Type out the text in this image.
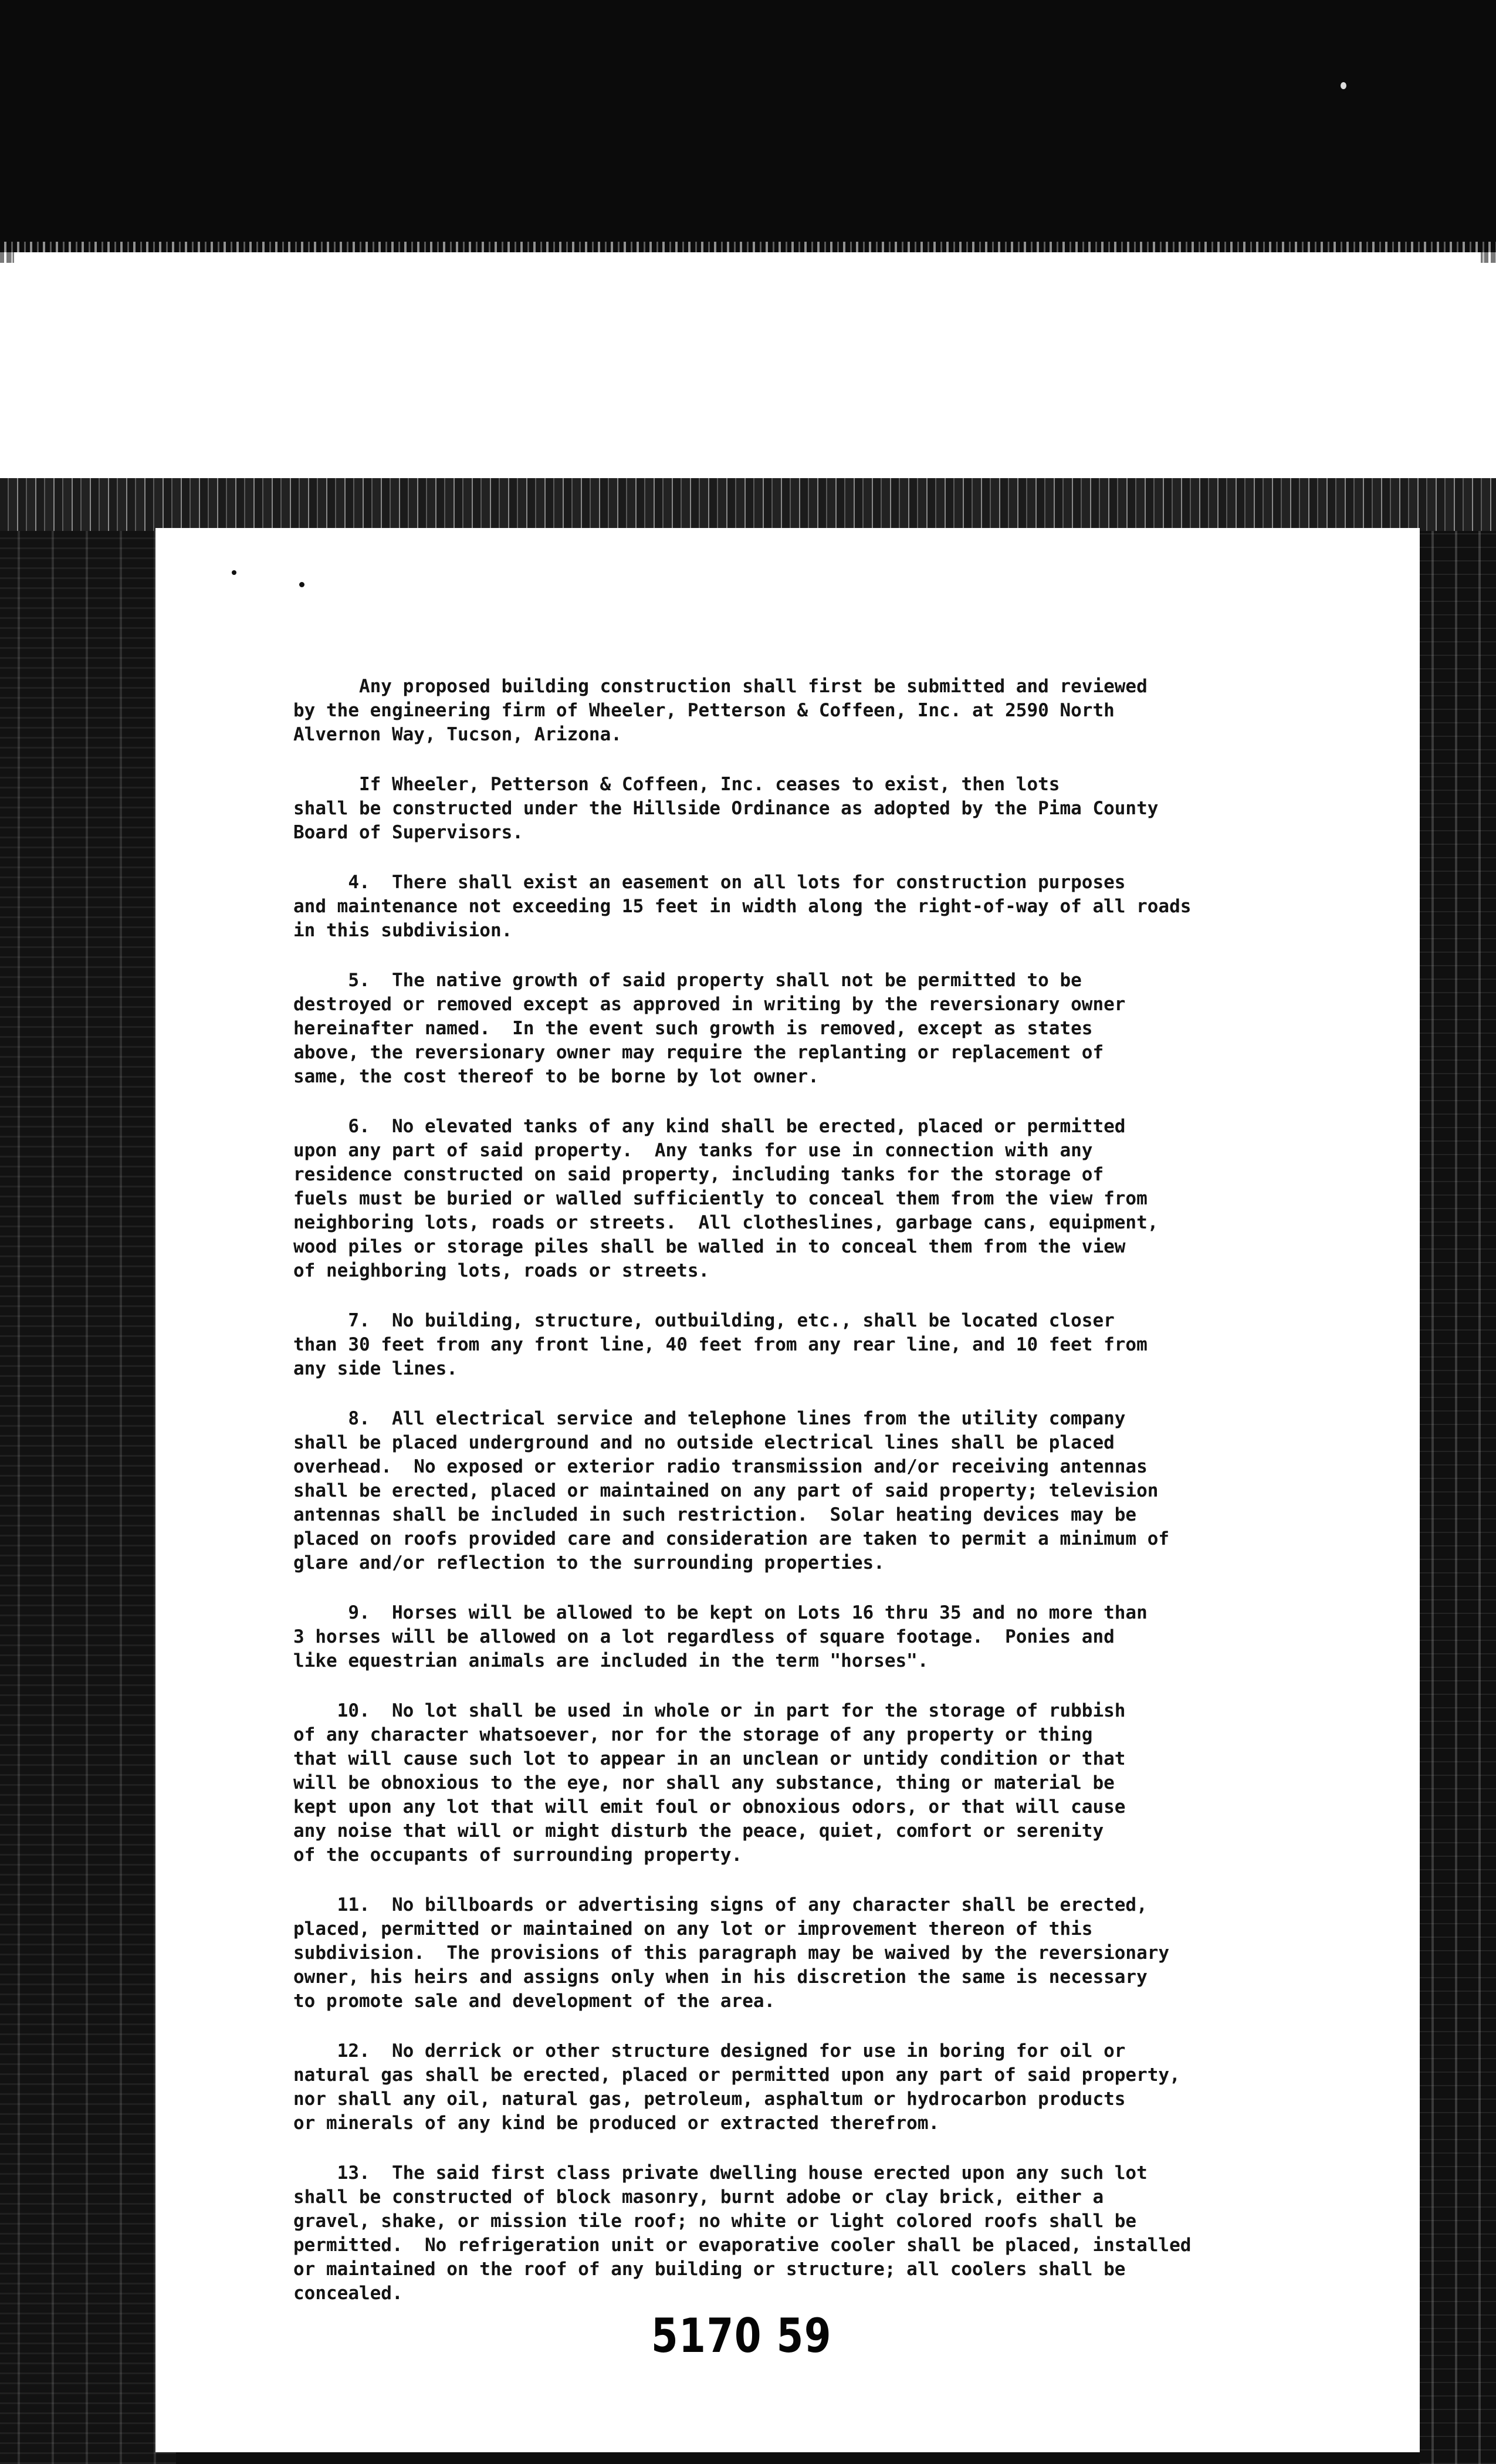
Any proposed building construction shall first be submitted and reviewed
by the engineering firm of Wheeler, Petterson & Coffeen, Inc. at 2590 North
Alvernon Way, Tucson, Arizona.
If Wheeler, Petterson & Coffeen, Inc. ceases to exist, then lots
shall be constructed under the Hillside Ordinance as adopted by the Pima County
Board of Supervisors.
4.  There shall exist an easement on all lots for construction purposes
and maintenance not exceeding 15 feet in width along the right-of-way of all roads
in this subdivision.
5.  The native growth of said property shall not be permitted to be
destroyed or removed except as approved in writing by the reversionary owner
hereinafter named.  In the event such growth is removed, except as states
above, the reversionary owner may require the replanting or replacement of
same, the cost thereof to be borne by lot owner.
6.  No elevated tanks of any kind shall be erected, placed or permitted
upon any part of said property.  Any tanks for use in connection with any
residence constructed on said property, including tanks for the storage of
fuels must be buried or walled sufficiently to conceal them from the view from
neighboring lots, roads or streets.  All clotheslines, garbage cans, equipment,
wood piles or storage piles shall be walled in to conceal them from the view
of neighboring lots, roads or streets.
7.  No building, structure, outbuilding, etc., shall be located closer
than 30 feet from any front line, 40 feet from any rear line, and 10 feet from
any side lines.
8.  All electrical service and telephone lines from the utility company
shall be placed underground and no outside electrical lines shall be placed
overhead.  No exposed or exterior radio transmission and/or receiving antennas
shall be erected, placed or maintained on any part of said property; television
antennas shall be included in such restriction.  Solar heating devices may be
placed on roofs provided care and consideration are taken to permit a minimum of
glare and/or reflection to the surrounding properties.
9.  Horses will be allowed to be kept on Lots 16 thru 35 and no more than
3 horses will be allowed on a lot regardless of square footage.  Ponies and
like equestrian animals are included in the term "horses".
10.  No lot shall be used in whole or in part for the storage of rubbish
of any character whatsoever, nor for the storage of any property or thing
that will cause such lot to appear in an unclean or untidy condition or that
will be obnoxious to the eye, nor shall any substance, thing or material be
kept upon any lot that will emit foul or obnoxious odors, or that will cause
any noise that will or might disturb the peace, quiet, comfort or serenity
of the occupants of surrounding property.
11.  No billboards or advertising signs of any character shall be erected,
placed, permitted or maintained on any lot or improvement thereon of this
subdivision.  The provisions of this paragraph may be waived by the reversionary
owner, his heirs and assigns only when in his discretion the same is necessary
to promote sale and development of the area.
12.  No derrick or other structure designed for use in boring for oil or
natural gas shall be erected, placed or permitted upon any part of said property,
nor shall any oil, natural gas, petroleum, asphaltum or hydrocarbon products
or minerals of any kind be produced or extracted therefrom.
13.  The said first class private dwelling house erected upon any such lot
shall be constructed of block masonry, burnt adobe or clay brick, either a
gravel, shake, or mission tile roof; no white or light colored roofs shall be
permitted.  No refrigeration unit or evaporative cooler shall be placed, installed
or maintained on the roof of any building or structure; all coolers shall be
concealed.
5170 59
